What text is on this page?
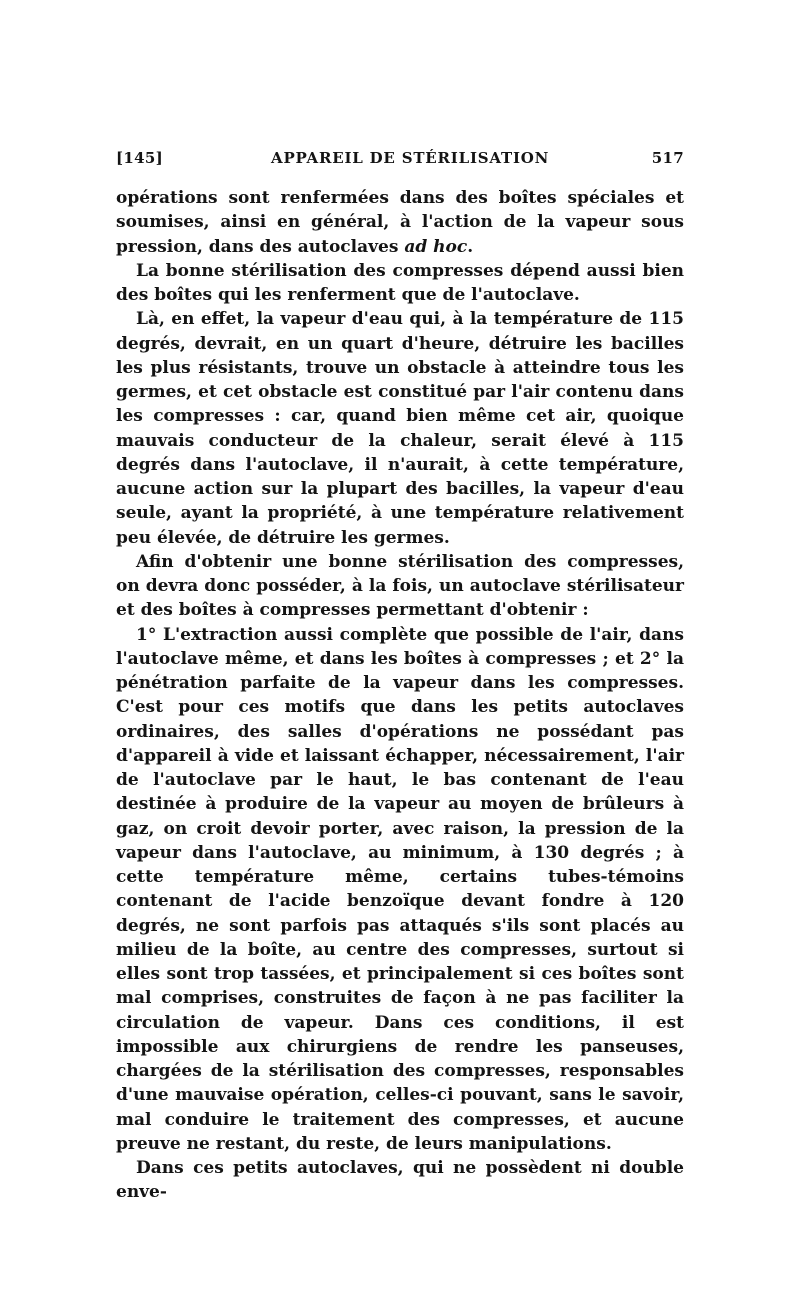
[145]	APPAREIL DE STÉRILISATION	517

opérations sont renfermées dans des boîtes spéciales et soumises, ainsi en général, à l'action de la vapeur sous pression, dans des autoclaves ad hoc.

La bonne stérilisation des compresses dépend aussi bien des boîtes qui les renferment que de l'autoclave.

Là, en effet, la vapeur d'eau qui, à la température de 115 degrés, devrait, en un quart d'heure, détruire les bacilles les plus résistants, trouve un obstacle à atteindre tous les germes, et cet obstacle est constitué par l'air contenu dans les compresses : car, quand bien même cet air, quoique mauvais conducteur de la chaleur, serait élevé à 115 degrés dans l'autoclave, il n'aurait, à cette température, aucune action sur la plupart des bacilles, la vapeur d'eau seule, ayant la propriété, à une température relativement peu élevée, de détruire les germes.

Afin d'obtenir une bonne stérilisation des compresses, on devra donc posséder, à la fois, un autoclave stérilisateur et des boîtes à compresses permettant d'obtenir :

1° L'extraction aussi complète que possible de l'air, dans l'autoclave même, et dans les boîtes à compresses ; et 2° la pénétration parfaite de la vapeur dans les compresses. C'est pour ces motifs que dans les petits autoclaves ordinaires, des salles d'opérations ne possédant pas d'appareil à vide et laissant échapper, nécessairement, l'air de l'autoclave par le haut, le bas contenant de l'eau destinée à produire de la vapeur au moyen de brûleurs à gaz, on croit devoir porter, avec raison, la pression de la vapeur dans l'autoclave, au minimum, à 130 degrés ; à cette température même, certains tubes-témoins contenant de l'acide benzoïque devant fondre à 120 degrés, ne sont parfois pas attaqués s'ils sont placés au milieu de la boîte, au centre des compresses, surtout si elles sont trop tassées, et principalement si ces boîtes sont mal comprises, construites de façon à ne pas faciliter la circulation de vapeur. Dans ces conditions, il est impossible aux chirurgiens de rendre les panseuses, chargées de la stérilisation des compresses, responsables d'une mauvaise opération, celles-ci pouvant, sans le savoir, mal conduire le traitement des compresses, et aucune preuve ne restant, du reste, de leurs manipulations.

Dans ces petits autoclaves, qui ne possèdent ni double enve-
